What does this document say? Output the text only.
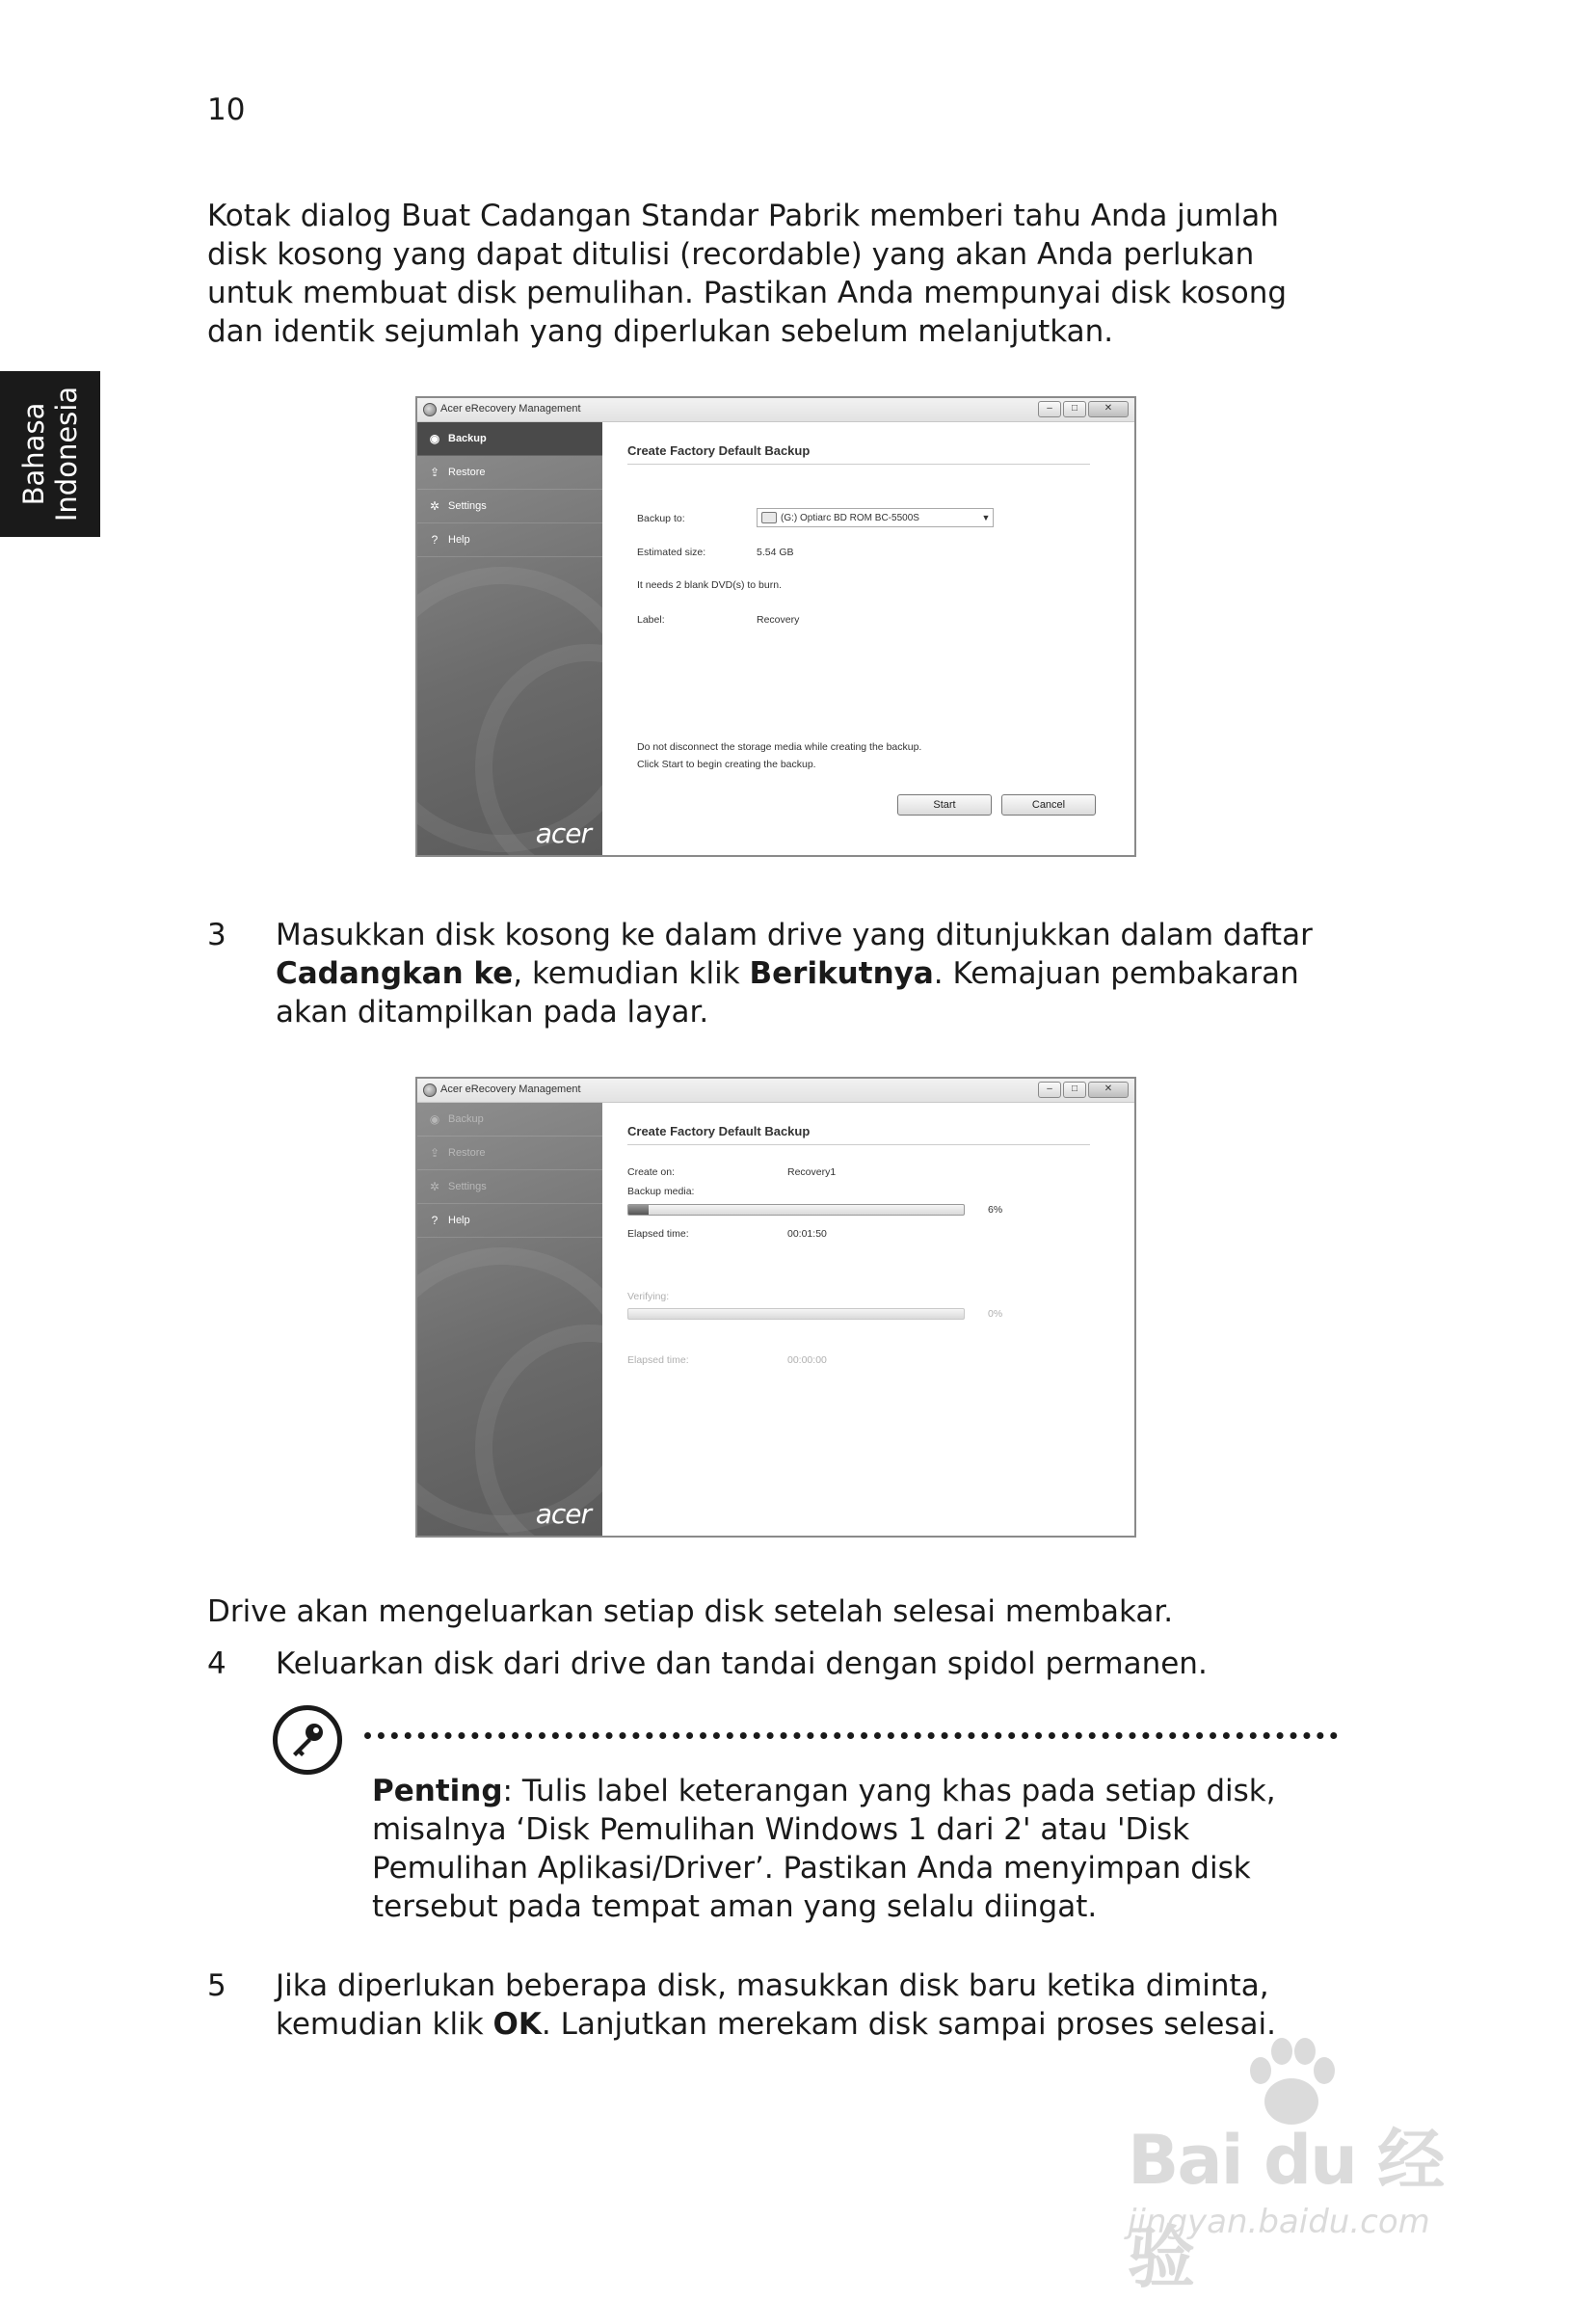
10
Bahasa Indonesia
Kotak dialog Buat Cadangan Standar Pabrik memberi tahu Anda jumlah disk kosong yang dapat ditulisi (recordable) yang akan Anda perlukan untuk membuat disk pemulihan. Pastikan Anda mempunyai disk kosong dan identik sejumlah yang diperlukan sebelum melanjutkan.
Acer eRecovery Management	–	□	✕
◉ Backup
⇪ Restore
✲ Settings
? Help
acer
Create Factory Default Backup
Backup to:	(G:) Optiarc BD ROM BC-5500S	▼
Estimated size:	5.54 GB
It needs 2 blank DVD(s) to burn.
Label:	Recovery
Do not disconnect the storage media while creating the backup.
Click Start to begin creating the backup.
Start	Cancel
3 Masukkan disk kosong ke dalam drive yang ditunjukkan dalam daftar Cadangkan ke, kemudian klik Berikutnya. Kemajuan pembakaran akan ditampilkan pada layar.
Acer eRecovery Management	–	□	✕
◉ Backup
⇪ Restore
✲ Settings
? Help
acer
Create Factory Default Backup
Create on:	Recovery1
Backup media:
6%
Elapsed time:	00:01:50
Verifying:
0%
Elapsed time:	00:00:00
Drive akan mengeluarkan setiap disk setelah selesai membakar.
4 Keluarkan disk dari drive dan tandai dengan spidol permanen.
Penting: Tulis label keterangan yang khas pada setiap disk, misalnya ‘Disk Pemulihan Windows 1 dari 2' atau 'Disk Pemulihan Aplikasi/Driver’. Pastikan Anda menyimpan disk tersebut pada tempat aman yang selalu diingat.
5 Jika diperlukan beberapa disk, masukkan disk baru ketika diminta, kemudian klik OK. Lanjutkan merekam disk sampai proses selesai.
Bai du 经验
jingyan.baidu.com
